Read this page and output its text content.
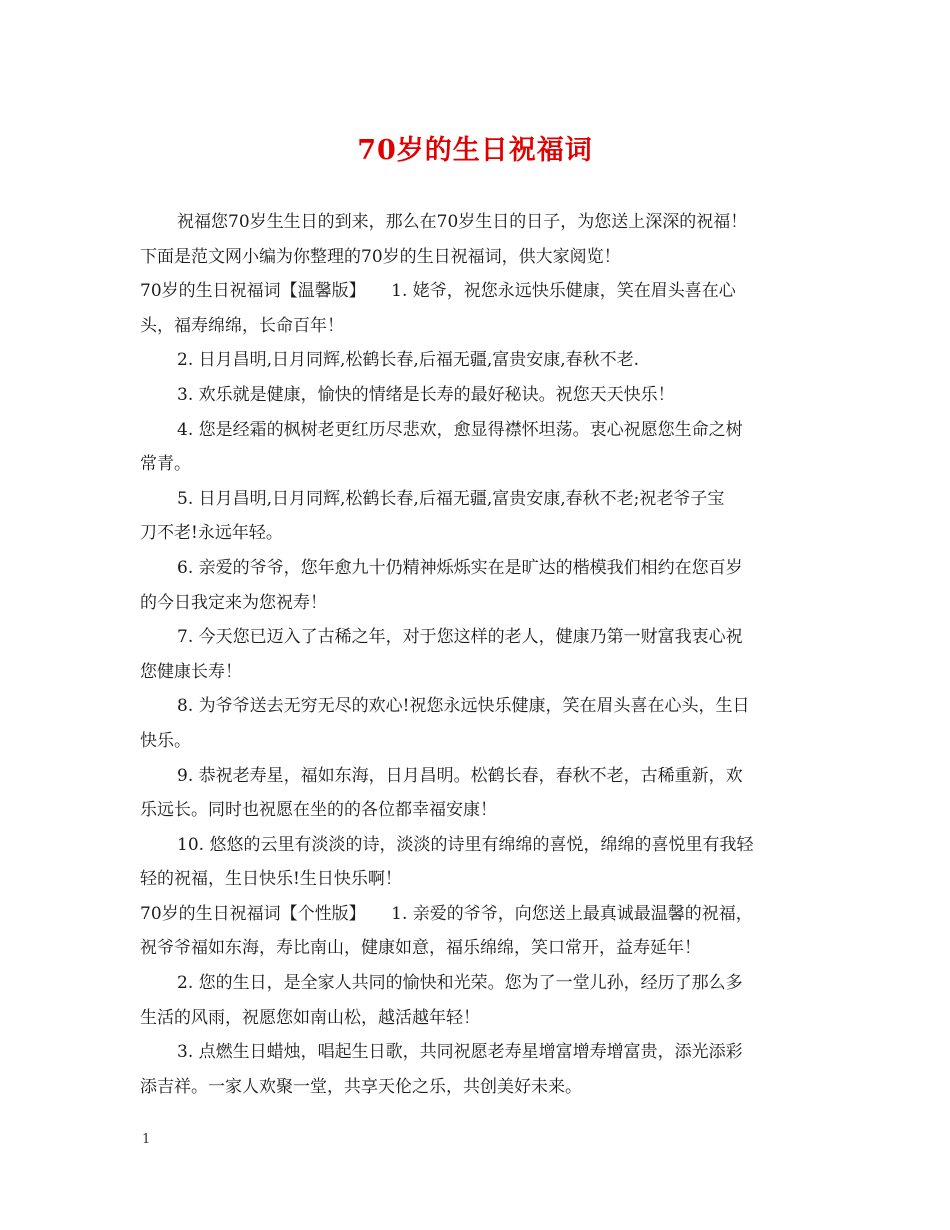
70岁的生日祝福词
祝福您70岁生生日的到来，那么在70岁生日的日子，为您送上深深的祝福！
下面是范文网小编为你整理的70岁的生日祝福词，供大家阅览！
70岁的生日祝福词【温馨版】　　1. 姥爷，祝您永远快乐健康，笑在眉头喜在心
头，福寿绵绵，长命百年！
2. 日月昌明,日月同辉,松鹤长春,后福无疆,富贵安康,春秋不老.
3. 欢乐就是健康，愉快的情绪是长寿的最好秘诀。祝您天天快乐！
4. 您是经霜的枫树老更红历尽悲欢，愈显得襟怀坦荡。衷心祝愿您生命之树
常青。
5. 日月昌明,日月同辉,松鹤长春,后福无疆,富贵安康,春秋不老;祝老爷子宝
刀不老!永远年轻。
6. 亲爱的爷爷，您年愈九十仍精神烁烁实在是旷达的楷模我们相约在您百岁
的今日我定来为您祝寿！
7. 今天您已迈入了古稀之年，对于您这样的老人，健康乃第一财富我衷心祝
您健康长寿！
8. 为爷爷送去无穷无尽的欢心!祝您永远快乐健康，笑在眉头喜在心头，生日
快乐。
9. 恭祝老寿星，福如东海，日月昌明。松鹤长春，春秋不老，古稀重新，欢
乐远长。同时也祝愿在坐的的各位都幸福安康！
10. 悠悠的云里有淡淡的诗，淡淡的诗里有绵绵的喜悦，绵绵的喜悦里有我轻
轻的祝福，生日快乐!生日快乐啊！
70岁的生日祝福词【个性版】　　1. 亲爱的爷爷，向您送上最真诚最温馨的祝福，
祝爷爷福如东海，寿比南山，健康如意，福乐绵绵，笑口常开，益寿延年！
2. 您的生日，是全家人共同的愉快和光荣。您为了一堂儿孙，经历了那么多
生活的风雨，祝愿您如南山松，越活越年轻！
3. 点燃生日蜡烛，唱起生日歌，共同祝愿老寿星增富增寿增富贵，添光添彩
添吉祥。一家人欢聚一堂，共享天伦之乐，共创美好未来。
1
